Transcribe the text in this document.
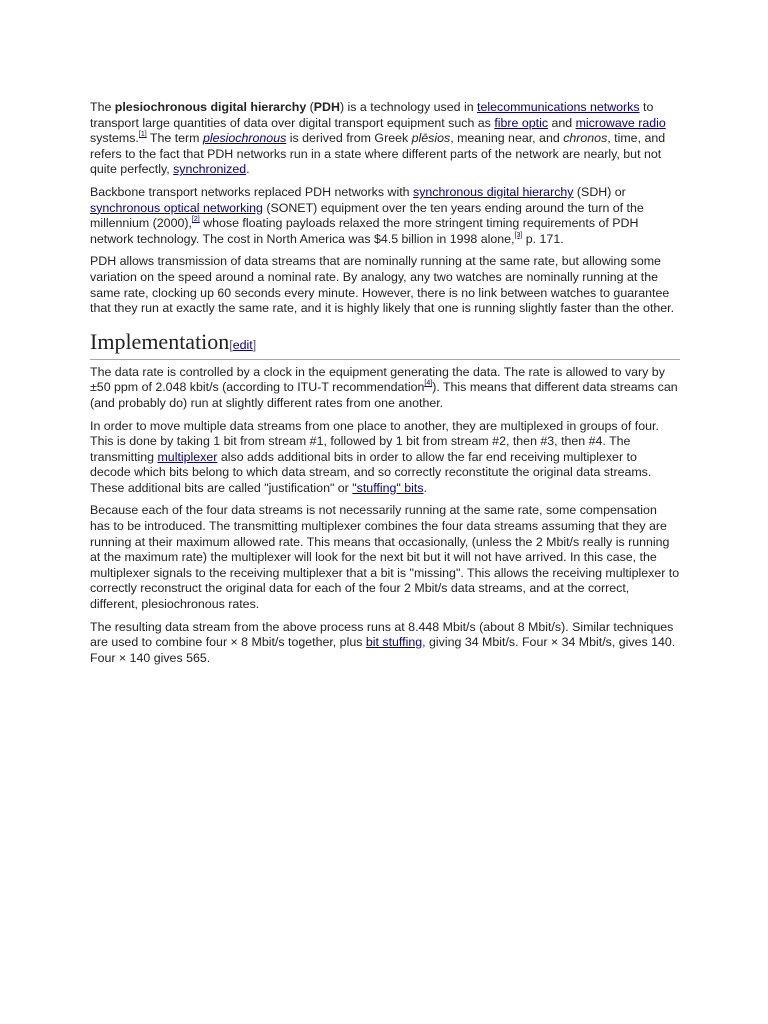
The plesiochronous digital hierarchy (PDH) is a technology used in telecommunications networks to transport large quantities of data over digital transport equipment such as fibre optic and microwave radio systems.[1] The term plesiochronous is derived from Greek plēsios, meaning near, and chronos, time, and refers to the fact that PDH networks run in a state where different parts of the network are nearly, but not quite perfectly, synchronized.

Backbone transport networks replaced PDH networks with synchronous digital hierarchy (SDH) or synchronous optical networking (SONET) equipment over the ten years ending around the turn of the millennium (2000),[2] whose floating payloads relaxed the more stringent timing requirements of PDH network technology. The cost in North America was $4.5 billion in 1998 alone,[3] p. 171.

PDH allows transmission of data streams that are nominally running at the same rate, but allowing some variation on the speed around a nominal rate. By analogy, any two watches are nominally running at the same rate, clocking up 60 seconds every minute. However, there is no link between watches to guarantee that they run at exactly the same rate, and it is highly likely that one is running slightly faster than the other.

Implementation[edit]

The data rate is controlled by a clock in the equipment generating the data. The rate is allowed to vary by ±50 ppm of 2.048 kbit/s (according to ITU-T recommendation[4]). This means that different data streams can (and probably do) run at slightly different rates from one another.

In order to move multiple data streams from one place to another, they are multiplexed in groups of four. This is done by taking 1 bit from stream #1, followed by 1 bit from stream #2, then #3, then #4. The transmitting multiplexer also adds additional bits in order to allow the far end receiving multiplexer to decode which bits belong to which data stream, and so correctly reconstitute the original data streams. These additional bits are called "justification" or "stuffing" bits.

Because each of the four data streams is not necessarily running at the same rate, some compensation has to be introduced. The transmitting multiplexer combines the four data streams assuming that they are running at their maximum allowed rate. This means that occasionally, (unless the 2 Mbit/s really is running at the maximum rate) the multiplexer will look for the next bit but it will not have arrived. In this case, the multiplexer signals to the receiving multiplexer that a bit is "missing". This allows the receiving multiplexer to correctly reconstruct the original data for each of the four 2 Mbit/s data streams, and at the correct, different, plesiochronous rates.

The resulting data stream from the above process runs at 8.448 Mbit/s (about 8 Mbit/s). Similar techniques are used to combine four × 8 Mbit/s together, plus bit stuffing, giving 34 Mbit/s. Four × 34 Mbit/s, gives 140. Four × 140 gives 565.
